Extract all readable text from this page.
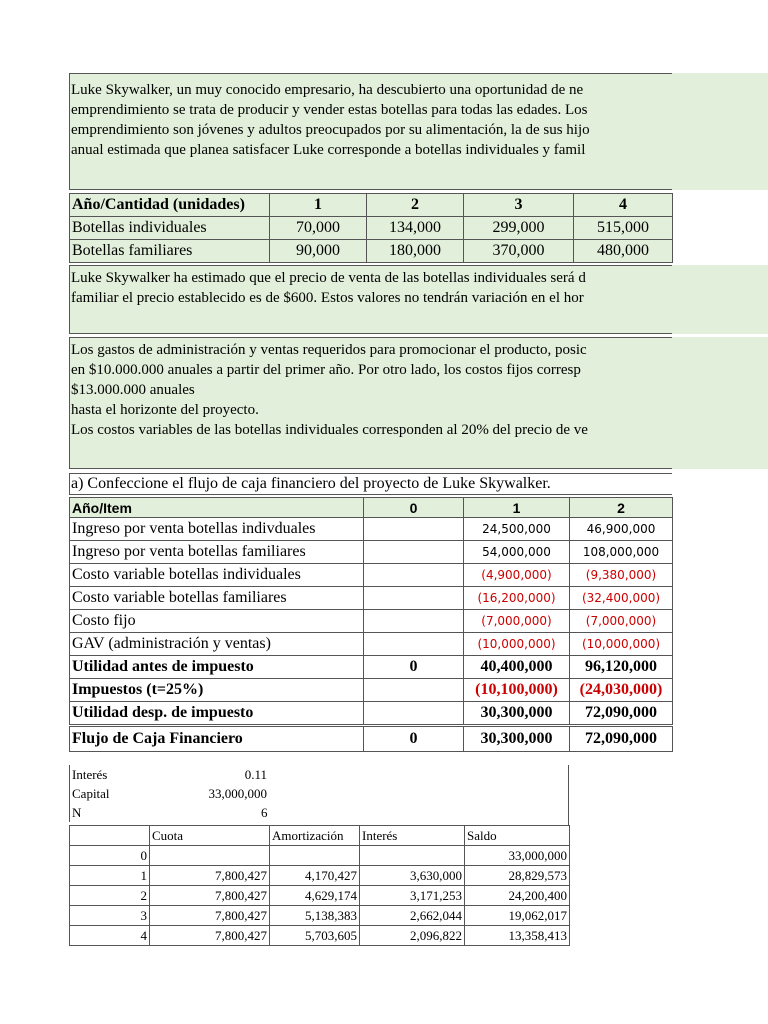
Luke Skywalker, un muy conocido empresario, ha descubierto una oportunidad de ne
emprendimiento se trata de producir y vender estas botellas para todas las edades. Los
emprendimiento son jóvenes y adultos preocupados por su alimentación, la de sus hijo
anual estimada que planea satisfacer Luke corresponde a botellas individuales y famil
Año/Cantidad (unidades)	1	2	3	4
Botellas individuales	70,000	134,000	299,000	515,000
Botellas familiares	90,000	180,000	370,000	480,000
Luke Skywalker ha estimado que el precio de venta de las botellas individuales será d
familiar el precio establecido es de $600. Estos valores no tendrán variación en el hor
Los gastos de administración y ventas requeridos para promocionar el producto, posic
en $10.000.000 anuales a partir del primer año. Por otro lado, los costos fijos corresp
$13.000.000 anuales
hasta el horizonte del proyecto.
Los costos variables de las botellas individuales corresponden al 20% del precio de ve
a) Confeccione el flujo de caja financiero del proyecto de Luke Skywalker.
Año/Item	0	1	2
Ingreso por venta botellas indivduales		24,500,000	46,900,000
Ingreso por venta botellas familiares		54,000,000	108,000,000
Costo variable botellas individuales		(4,900,000)	(9,380,000)
Costo variable botellas familiares		(16,200,000)	(32,400,000)
Costo fijo		(7,000,000)	(7,000,000)
GAV (administración y ventas)		(10,000,000)	(10,000,000)
Utilidad antes de impuesto	0	40,400,000	96,120,000
Impuestos (t=25%)		(10,100,000)	(24,030,000)
Utilidad desp. de impuesto		30,300,000	72,090,000
Flujo de Caja Financiero	0	30,300,000	72,090,000
Interés	0.11
Capital	33,000,000
N	6
	Cuota	Amortización	Interés	Saldo
0				33,000,000
1	7,800,427	4,170,427	3,630,000	28,829,573
2	7,800,427	4,629,174	3,171,253	24,200,400
3	7,800,427	5,138,383	2,662,044	19,062,017
4	7,800,427	5,703,605	2,096,822	13,358,413
